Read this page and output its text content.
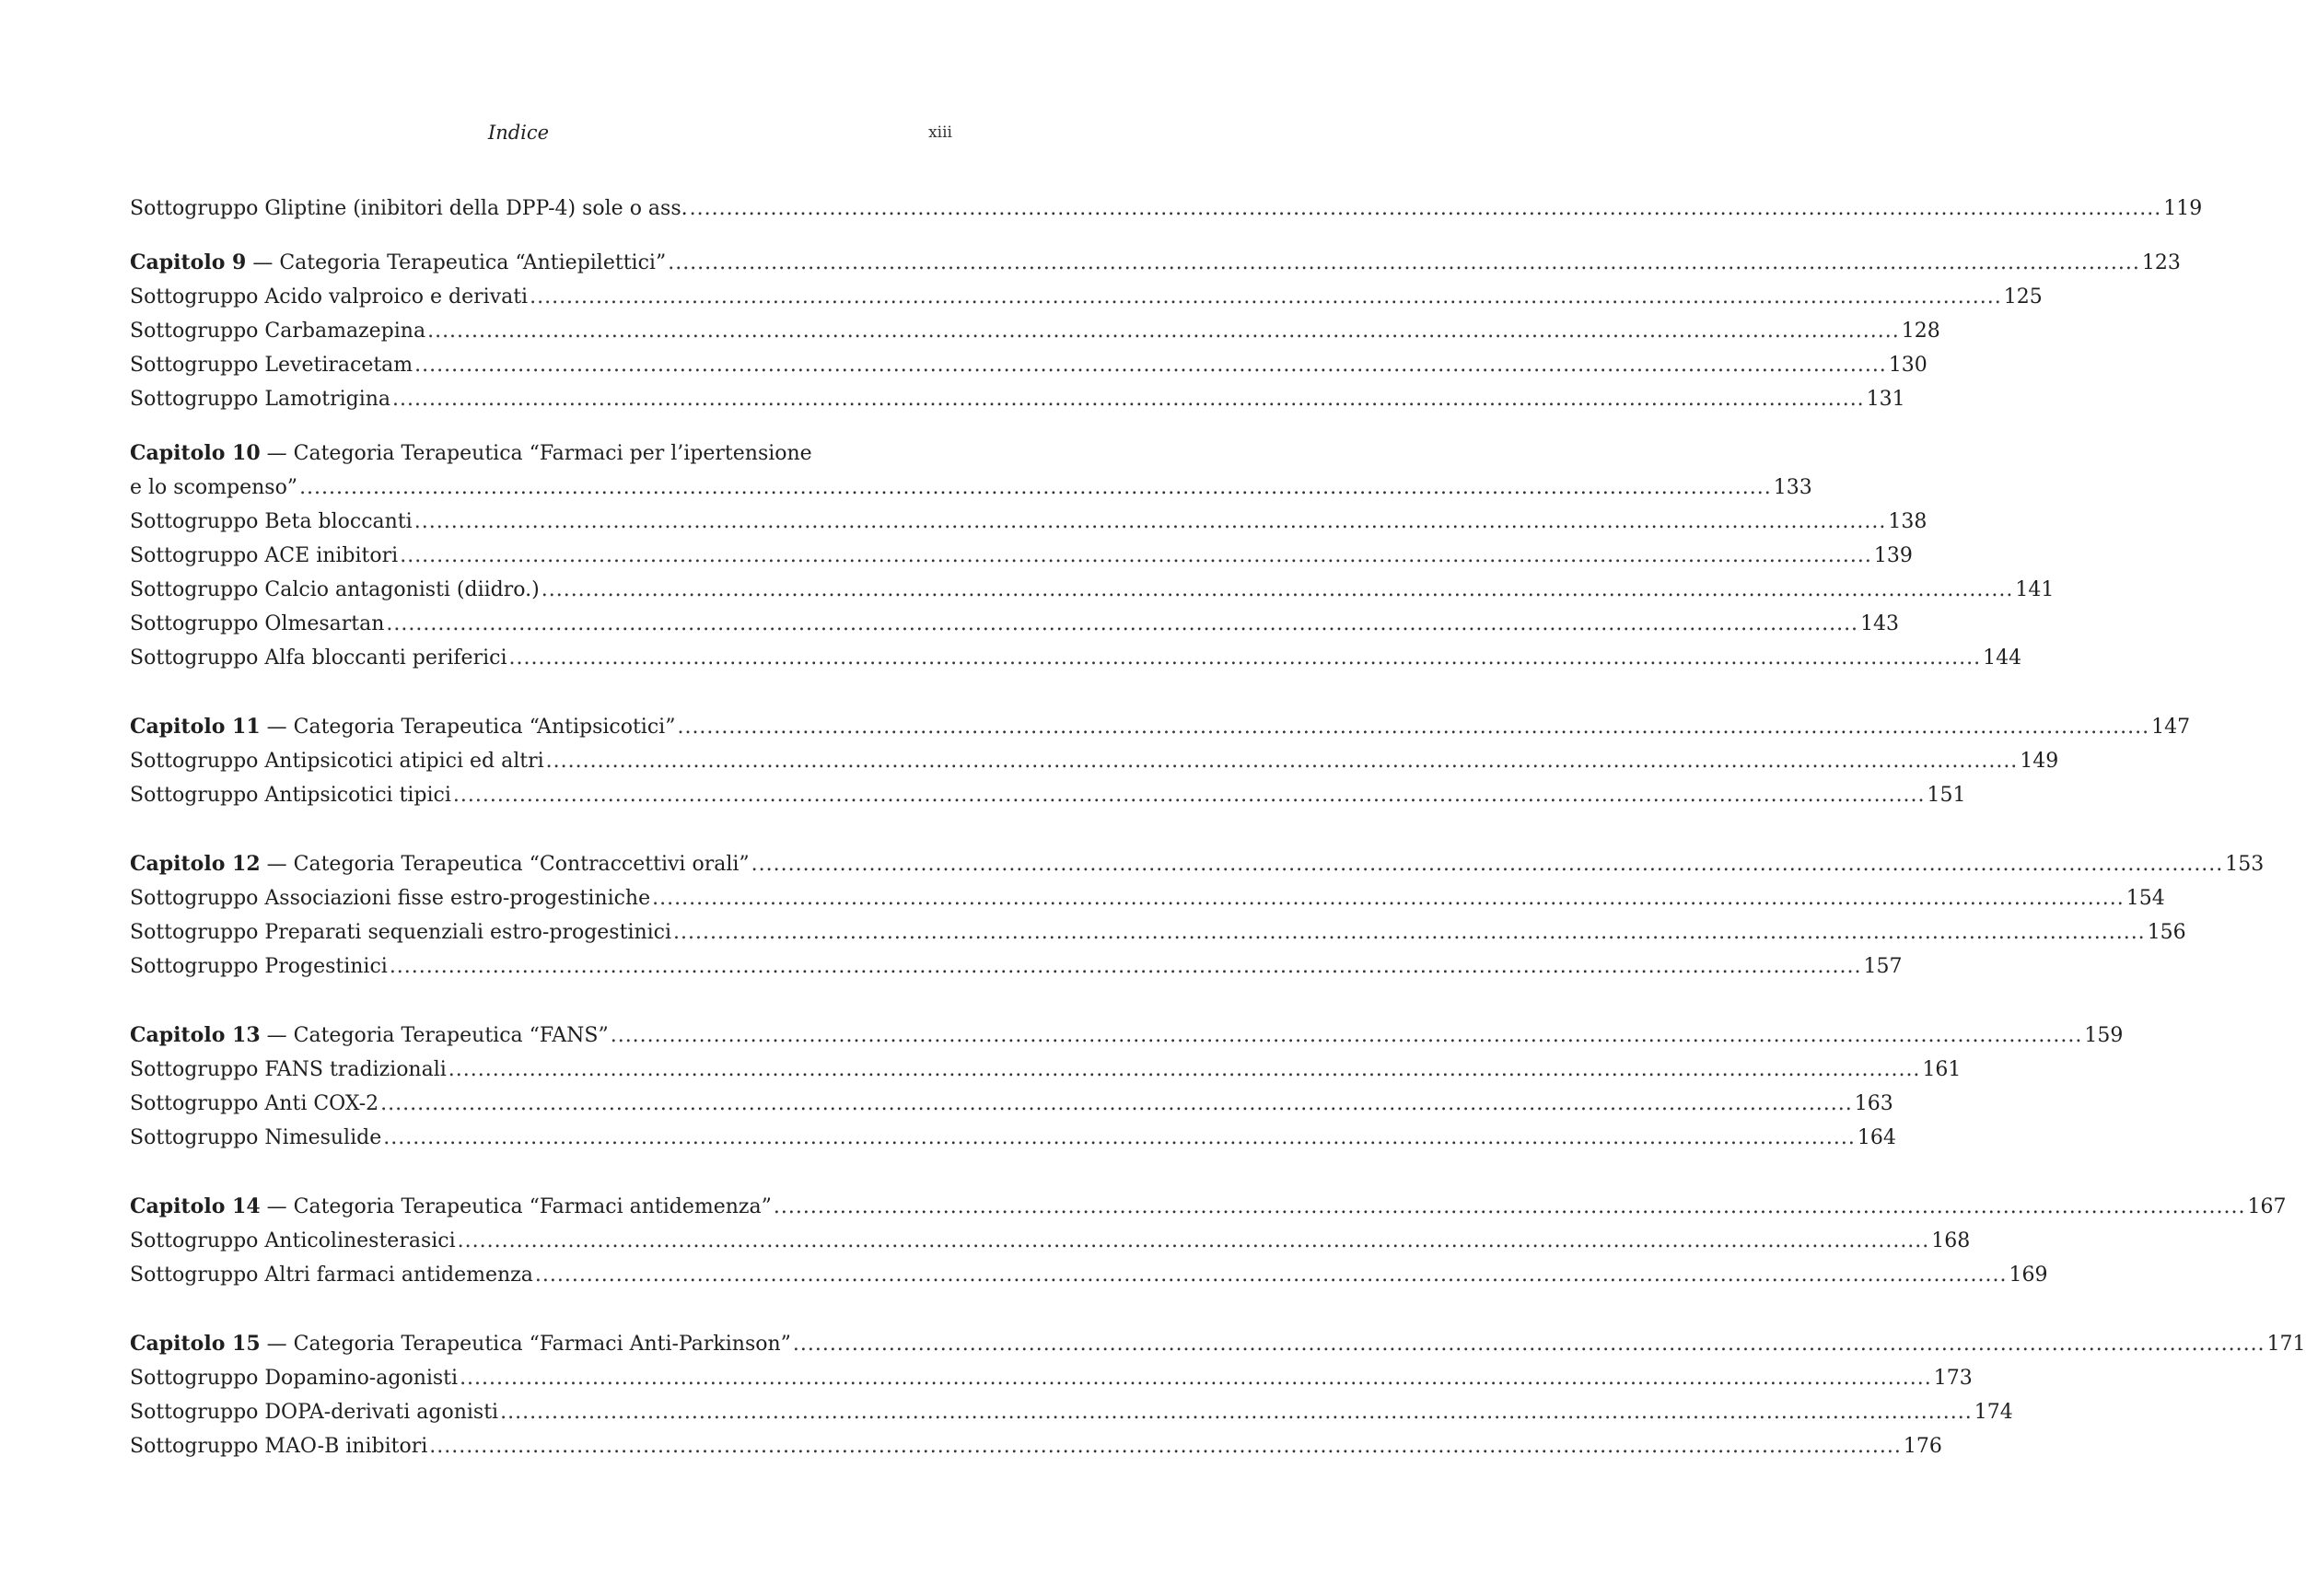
Indice	xiii
Sottogruppo Gliptine (inibitori della DPP-4) sole o ass. ........................................................................................................................................................................................................ 119
Capitolo 9 — Categoria Terapeutica “Antiepilettici” ........................................................................................................................................................................................................ 123
Sottogruppo Acido valproico e derivati ........................................................................................................................................................................................................ 125
Sottogruppo Carbamazepina ........................................................................................................................................................................................................ 128
Sottogruppo Levetiracetam ........................................................................................................................................................................................................ 130
Sottogruppo Lamotrigina ........................................................................................................................................................................................................ 131
Capitolo 10 — Categoria Terapeutica “Farmaci per l’ipertensione
e lo scompenso” ........................................................................................................................................................................................................ 133
Sottogruppo Beta bloccanti ........................................................................................................................................................................................................ 138
Sottogruppo ACE inibitori ........................................................................................................................................................................................................ 139
Sottogruppo Calcio antagonisti (diidro.) ........................................................................................................................................................................................................ 141
Sottogruppo Olmesartan ........................................................................................................................................................................................................ 143
Sottogruppo Alfa bloccanti periferici ........................................................................................................................................................................................................ 144
Capitolo 11 — Categoria Terapeutica “Antipsicotici” ........................................................................................................................................................................................................ 147
Sottogruppo Antipsicotici atipici ed altri ........................................................................................................................................................................................................ 149
Sottogruppo Antipsicotici tipici ........................................................................................................................................................................................................ 151
Capitolo 12 — Categoria Terapeutica “Contraccettivi orali” ........................................................................................................................................................................................................ 153
Sottogruppo Associazioni fisse estro-progestiniche ........................................................................................................................................................................................................ 154
Sottogruppo Preparati sequenziali estro-progestinici ........................................................................................................................................................................................................ 156
Sottogruppo Progestinici ........................................................................................................................................................................................................ 157
Capitolo 13 — Categoria Terapeutica “FANS” ........................................................................................................................................................................................................ 159
Sottogruppo FANS tradizionali ........................................................................................................................................................................................................ 161
Sottogruppo Anti COX-2 ........................................................................................................................................................................................................ 163
Sottogruppo Nimesulide ........................................................................................................................................................................................................ 164
Capitolo 14 — Categoria Terapeutica “Farmaci antidemenza” ........................................................................................................................................................................................................ 167
Sottogruppo Anticolinesterasici ........................................................................................................................................................................................................ 168
Sottogruppo Altri farmaci antidemenza ........................................................................................................................................................................................................ 169
Capitolo 15 — Categoria Terapeutica “Farmaci Anti-Parkinson” ........................................................................................................................................................................................................ 171
Sottogruppo Dopamino-agonisti ........................................................................................................................................................................................................ 173
Sottogruppo DOPA-derivati agonisti ........................................................................................................................................................................................................ 174
Sottogruppo MAO-B inibitori ........................................................................................................................................................................................................ 176
